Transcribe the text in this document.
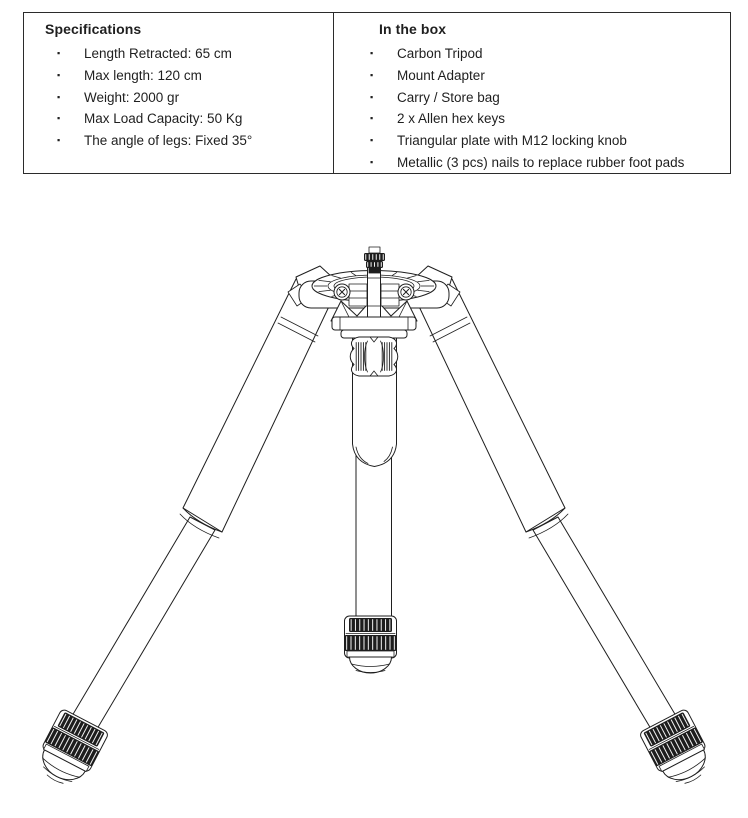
Specifications
▪	Length Retracted: 65 cm
▪	Max length: 120 cm
▪	Weight: 2000 gr
▪	Max Load Capacity: 50 Kg
▪	The angle of legs: Fixed 35°
In the box
▪	Carbon Tripod
▪	Mount Adapter
▪	Carry / Store bag
▪	2 x Allen hex keys
▪	Triangular plate with M12 locking knob
▪	Metallic (3 pcs) nails to replace rubber foot pads
